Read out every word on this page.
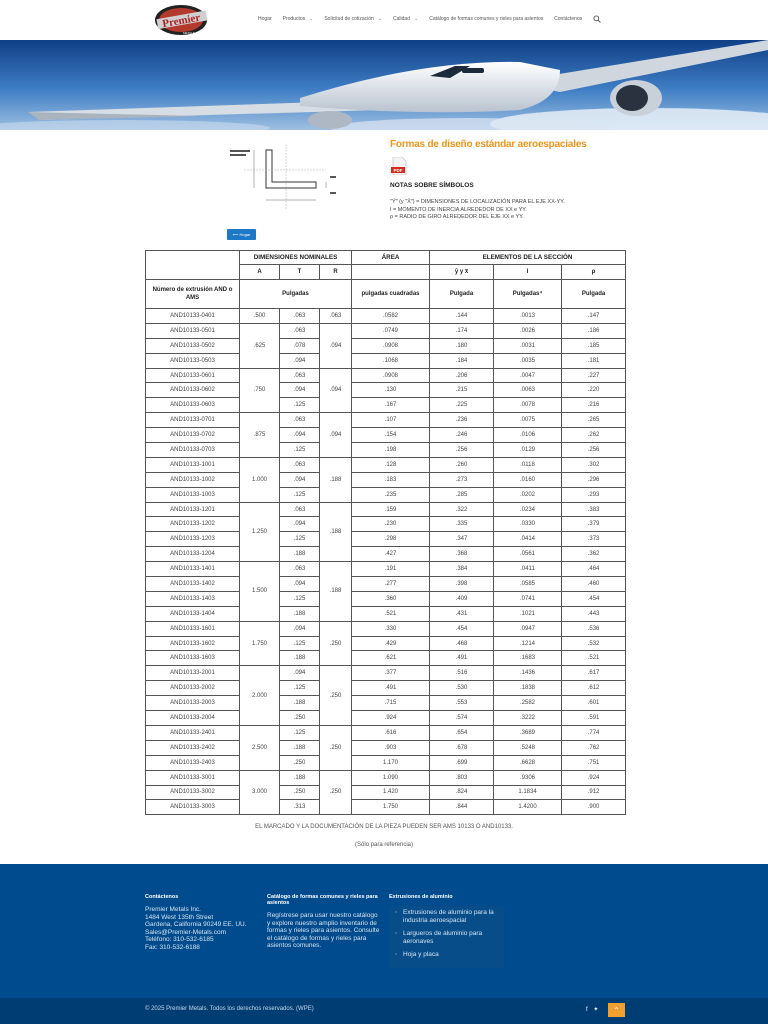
Premier
METALS
Hogar Productos ⌄ Solicitud de cotización ⌄ Calidad ⌄ Catálogo de formas comunes y rieles para asientos Contáctenos
⟵ Hogar
Formas de diseño estándar aeroespaciales
PDF
NOTAS SOBRE SÍMBOLOS
"Ÿ" (y "X̄") = DIMENSIONES DE LOCALIZACIÓN PARA EL EJE XX-YY.
I = MOMENTO DE INERCIA ALREDEDOR DE XX e YY.
ρ = RADIO DE GIRO ALREDEDOR DEL EJE XX e YY.
	DIMENSIONES NOMINALES			ÁREA	ELEMENTOS DE LA SECCIÓN		
	A	T	R		ȳ y x̄	I	ρ
Número de extrusión AND o AMS	Pulgadas			pulgadas cuadradas	Pulgada	Pulgadas⁴	Pulgada
AND10133-0401	.500	.063	.063	.0582	.144	.0013	.147
AND10133-0501	.625	.063	.094	.0749	.174	.0026	.186
AND10133-0502		.078		.0908	.180	.0031	.185
AND10133-0503		.094		.1068	.184	.0035	.181
AND10133-0601	.750	.063	.094	.0908	.206	.0047	.227
AND10133-0602		.094		.130	.215	.0063	.220
AND10133-0603		.125		.167	.225	.0078	.216
AND10133-0701	.875	.063	.094	.107	.236	.0075	.265
AND10133-0702		.094		.154	.246	.0106	.262
AND10133-0703		.125		.198	.256	.0129	.256
AND10133-1001	1.000	.063	.188	.128	.260	.0118	.302
AND10133-1002		.094		.183	.273	.0160	.296
AND10133-1003		.125		.235	.285	.0202	.293
AND10133-1201	1.250	.063	.188	.159	.322	.0234	.383
AND10133-1202		.094		.230	.335	.0330	.379
AND10133-1203		.125		.298	.347	.0414	.373
AND10133-1204		.188		.427	.368	.0561	.362
AND10133-1401	1.500	.063	.188	.191	.384	.0411	.464
AND10133-1402		.094		.277	.398	.0585	.460
AND10133-1403		.125		.360	.409	.0741	.454
AND10133-1404		.188		.521	.431	.1021	.443
AND10133-1601	1.750	.094	.250	.330	.454	.0947	.536
AND10133-1602		.125		.429	.468	.1214	.532
AND10133-1603		.188		.621	.491	.1683	.521
AND10133-2001	2.000	.094	.250	.377	.516	.1436	.617
AND10133-2002		.125		.491	.530	.1838	.612
AND10133-2003		.188		.715	.553	.2582	.601
AND10133-2004		.250		.924	.574	.3222	.591
AND10133-2401	2.500	.125	.250	.616	.654	.3689	.774
AND10133-2402		.188		.903	.678	.5248	.762
AND10133-2403		.250		1.170	.699	.6628	.751
AND10133-3001	3.000	.188	.250	1.090	.803	.9306	.924
AND10133-3002		.250		1.420	.824	1.1834	.912
AND10133-3003		.313		1.750	.844	1.4200	.900
EL MARCADO Y LA DOCUMENTACIÓN DE LA PIEZA PUEDEN SER AMS 10133 O AND10133.
(Sólo para referencia)
Contáctenos
Premier Metals Inc.
1484 West 135th Street
Gardena, California 90249 EE. UU.
Sales@Premier-Metals.com
Teléfono: 310-532-6185
Fax: 310-532-6188
Catálogo de formas comunes y rieles para asientos
Regístrese para usar nuestro catálogo y explore nuestro amplio inventario de formas y rieles para asientos. Consulte el catálogo de formas y rieles para asientos comunes.
Extrusiones de aluminio
◦ Extrusiones de aluminio para la industria aeroespacial
◦ Largueros de aluminio para aeronaves
◦ Hoja y placa
© 2025 Premier Metals. Todos los derechos reservados. (WPE)	f ✦ ⌃
